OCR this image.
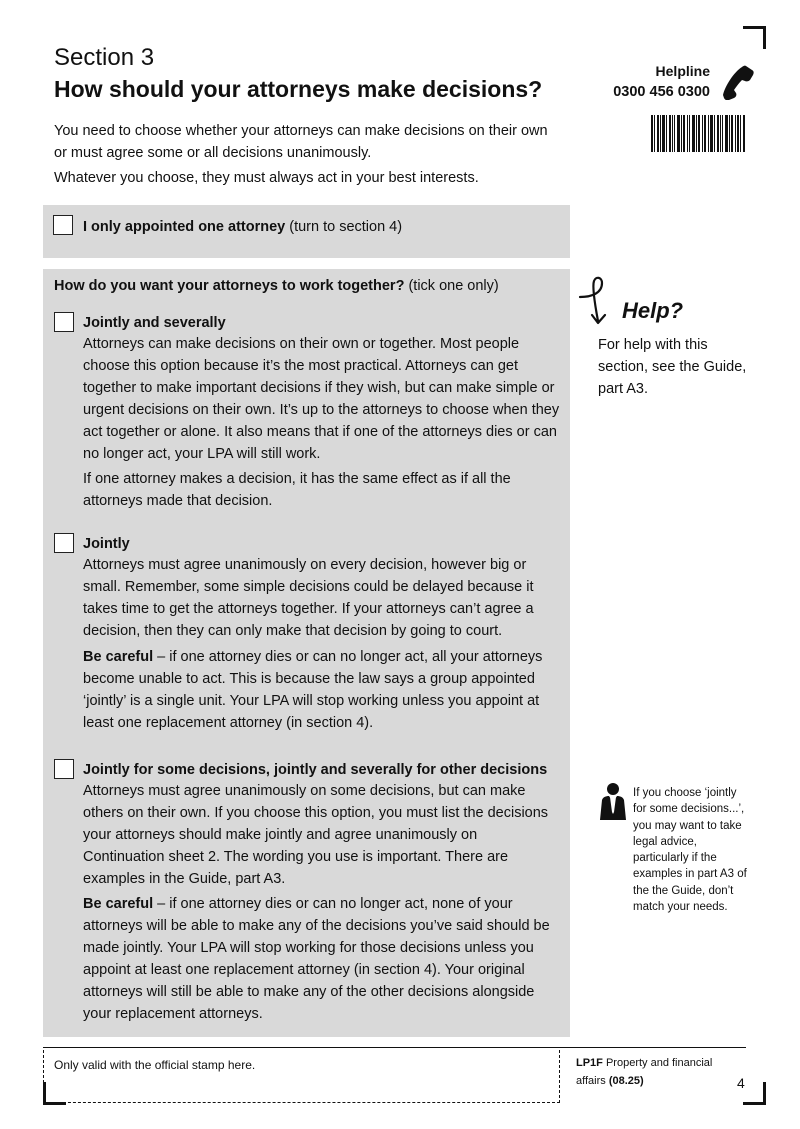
Section 3
How should your attorneys make decisions?
Helpline
0300 456 0300

You need to choose whether your attorneys can make decisions on their own or must agree some or all decisions unanimously.

Whatever you choose, they must always act in your best interests.

I only appointed one attorney (turn to section 4)
How do you want your attorneys to work together? (tick one only)
Jointly and severally

Attorneys can make decisions on their own or together. Most people choose this option because it’s the most practical. Attorneys can get together to make important decisions if they wish, but can make simple or urgent decisions on their own. It’s up to the attorneys to choose when they act together or alone. It also means that if one of the attorneys dies or can no longer act, your LPA will still work.

If one attorney makes a decision, it has the same effect as if all the attorneys made that decision.

Jointly

Attorneys must agree unanimously on every decision, however big or small. Remember, some simple decisions could be delayed because it takes time to get the attorneys together. If your attorneys can’t agree a decision, then they can only make that decision by going to court.

Be careful – if one attorney dies or can no longer act, all your attorneys become unable to act. This is because the law says a group appointed ‘jointly’ is a single unit. Your LPA will stop working unless you appoint at least one replacement attorney (in section 4).

Jointly for some decisions, jointly and severally for other decisions

Attorneys must agree unanimously on some decisions, but can make others on their own. If you choose this option, you must list the decisions your attorneys should make jointly and agree unanimously on Continuation sheet 2. The wording you use is important. There are examples in the Guide, part A3.

Be careful – if one attorney dies or can no longer act, none of your attorneys will be able to make any of the decisions you’ve said should be made jointly. Your LPA will stop working for those decisions unless you appoint at least one replacement attorney (in section 4). Your original attorneys will still be able to make any of the other decisions alongside your replacement attorneys.

Help?
For help with this section, see the Guide, part A3.
If you choose ‘jointly for some decisions...’, you may want to take legal advice, particularly if the examples in part A3 of the the Guide, don’t match your needs.
Only valid with the official stamp here.	LP1F Property and financial affairs (08.25)	4
